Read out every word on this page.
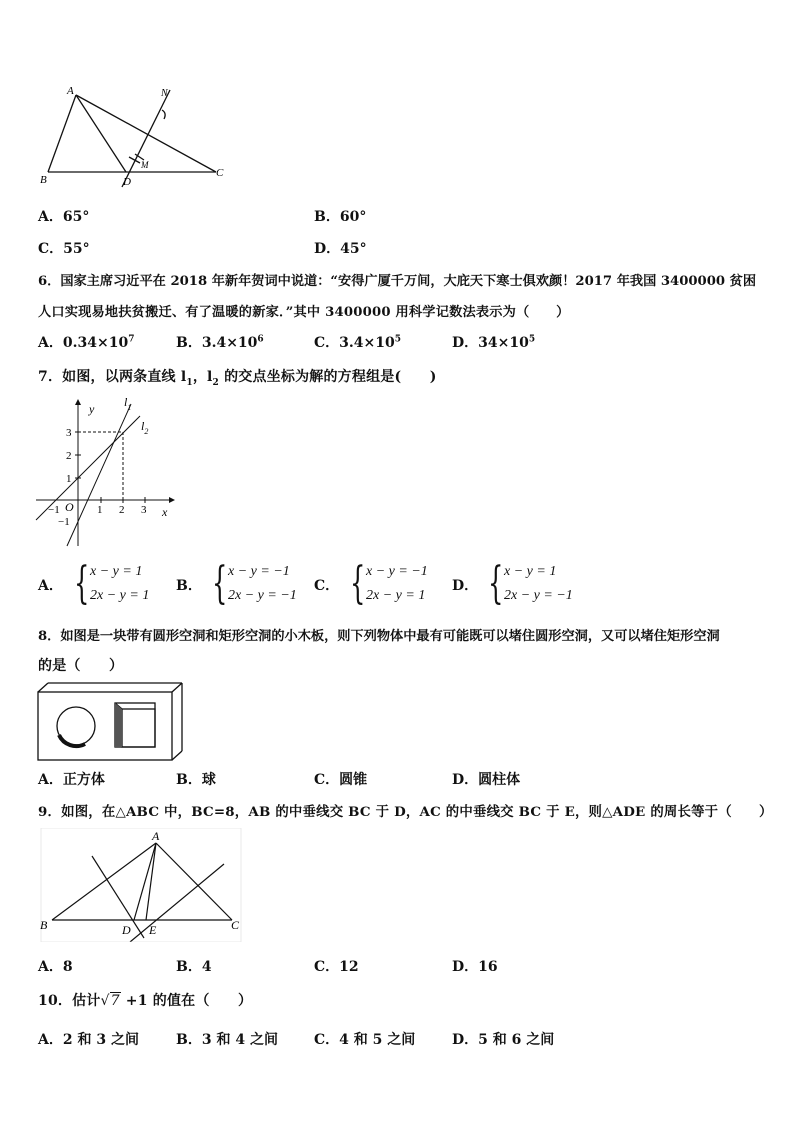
A
B	D
C
N
M
A．65°	B．60°
C．55°	D．45°
6．国家主席习近平在 2018 年新年贺词中说道：“安得广厦千万间，大庇天下寒士俱欢颜！2017 年我国 3400000 贫困
人口实现易地扶贫搬迁、有了温暖的新家．”其中 3400000 用科学记数法表示为（　　）
A．$0.34\times 10^7$	B．$3.4\times 10^6$	C．$3.4\times 10^5$	D．$34\times 10^5$
7．如图，以两条直线 $l_1$，$l_2$ 的交点坐标为解的方程组是(　　)
y
x
O
$l_1$
$l_2$
3
2
1
−1
−1	1 2 3
A． { x − y = 1
2x − y = 1
B． { x − y = −1
2x − y = −1
C． { x − y = −1
2x − y = 1
D． { x − y = 1
2x − y = −1
8．如图是一块带有圆形空洞和矩形空洞的小木板，则下列物体中最有可能既可以堵住圆形空洞，又可以堵住矩形空洞
的是（　　）
A．正方体	B．球	C．圆锥	D．圆柱体
9．如图，在△ABC 中，BC=8，AB 的中垂线交 BC 于 D，AC 的中垂线交 BC 于 E，则△ADE 的周长等于（　　）
A
B	D E	C
A．8	B．4	C．12	D．16
10．估计√7 +1 的值在（　　）
A．2 和 3 之间	B．3 和 4 之间	C．4 和 5 之间	D．5 和 6 之间
